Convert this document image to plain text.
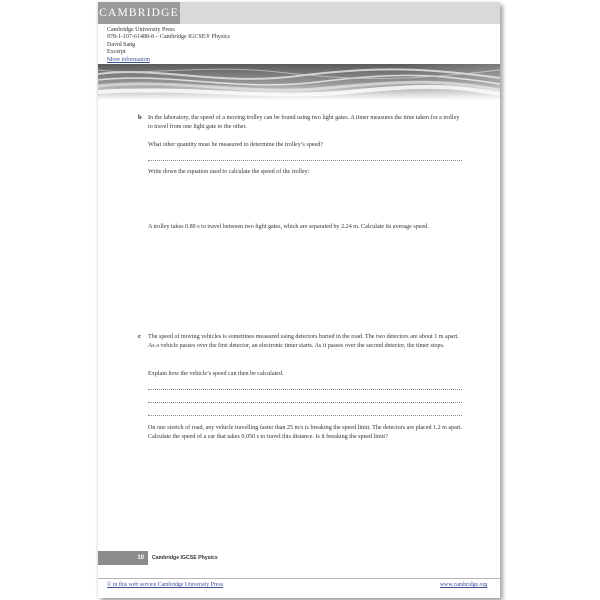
CAMBRIDGE
Cambridge University Press
978-1-107-61488-8 – Cambridge IGCSE® Physics
David Sang
Excerpt
More information
b In the laboratory, the speed of a moving trolley can be found using two light gates. A timer measures the time taken for a trolley to travel from one light gate to the other.
What other quantity must be measured to determine the trolley’s speed?
Write down the equation used to calculate the speed of the trolley:
A trolley takes 0.80 s to travel between two light gates, which are separated by 2.24 m. Calculate its average speed.
c The speed of moving vehicles is sometimes measured using detectors buried in the road. The two detectors are about 1 m apart. As a vehicle passes over the first detector, an electronic timer starts. As it passes over the second detector, the timer stops.
Explain how the vehicle’s speed can then be calculated.
On one stretch of road, any vehicle travelling faster than 25 m/s is breaking the speed limit. The detectors are placed 1.2 m apart. Calculate the speed of a car that takes 0.050 s to travel this distance. Is it breaking the speed limit?
10 Cambridge IGCSE Physics
© in this web service Cambridge University Press	www.cambridge.org
